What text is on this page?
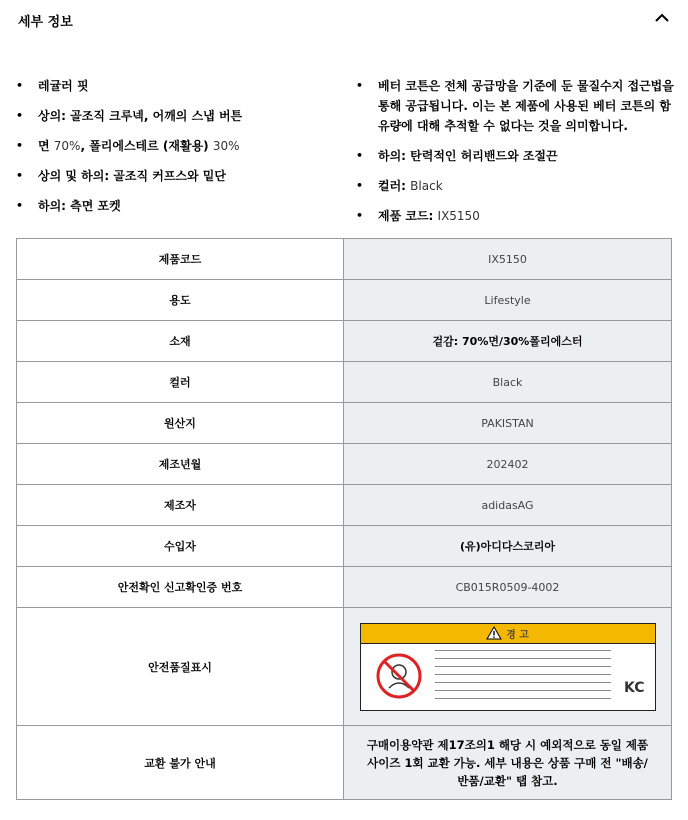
세부 정보
• 레귤러 핏
• 상의: 골조직 크루넥, 어깨의 스냅 버튼
• 면 70%, 폴리에스테르 (재활용) 30%
• 상의 및 하의: 골조직 커프스와 밑단
• 하의: 측면 포켓
• 베터 코튼은 전체 공급망을 기준에 둔 물질수지 접근법을 통해 공급됩니다. 이는 본 제품에 사용된 베터 코튼의 함유량에 대해 추적할 수 없다는 것을 의미합니다.
• 하의: 탄력적인 허리밴드와 조절끈
• 컬러: Black
• 제품 코드: IX5150
제품코드	IX5150
용도	Lifestyle
소재	겉감: 70%면/30%폴리에스터
컬러	Black
원산지	PAKISTAN
제조년월	202402
제조자	adidasAG
수입자	(유)아디다스코리아
안전확인 신고확인증 번호	CB015R0509-4002
안전품질표시	경 고
KC

교환 불가 안내	구매이용약관 제17조의1 해당 시 예외적으로 동일 제품 사이즈 1회 교환 가능. 세부 내용은 상품 구매 전 "배송/반품/교환" 탭 참고.
